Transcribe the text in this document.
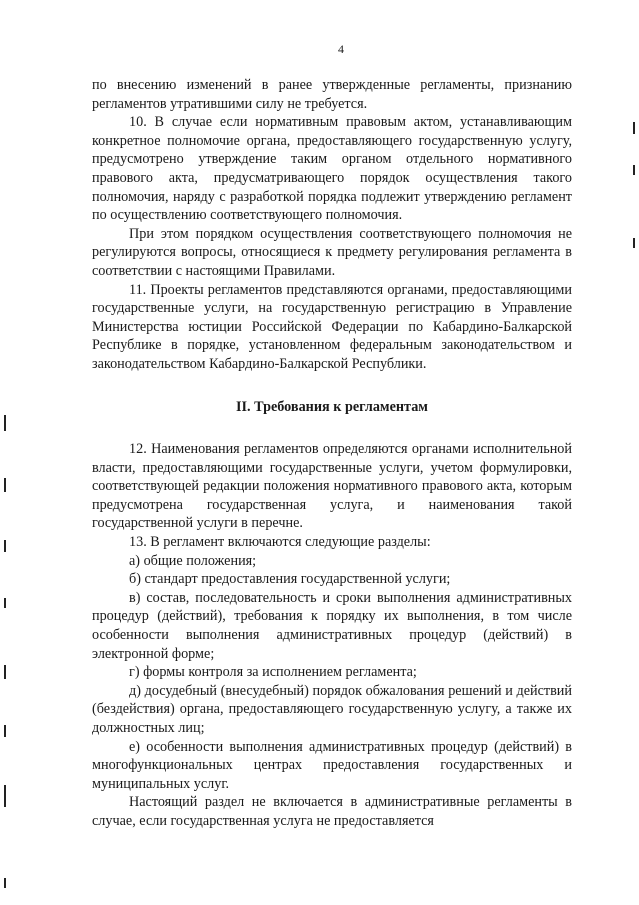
4

по внесению изменений в ранее утвержденные регламенты, признанию регламентов утратившими силу не требуется.

10. В случае если нормативным правовым актом, устанавливающим конкретное полномочие органа, предоставляющего государственную услугу, предусмотрено утверждение таким органом отдельного нормативного правового акта, предусматривающего порядок осуществления такого полномочия, наряду с разработкой порядка подлежит утверждению регламент по осуществлению соответствующего полномочия.

При этом порядком осуществления соответствующего полномочия не регулируются вопросы, относящиеся к предмету регулирования регламента в соответствии с настоящими Правилами.

11. Проекты регламентов представляются органами, предоставляющими государственные услуги, на государственную регистрацию в Управление Министерства юстиции Российской Федерации по Кабардино-Балкарской Республике в порядке, установленном федеральным законодательством и законодательством Кабардино-Балкарской Республики.

II. Требования к регламентам

12. Наименования регламентов определяются органами исполнительной власти, предоставляющими государственные услуги, учетом формулировки, соответствующей редакции положения нормативного правового акта, которым предусмотрена государственная услуга, и наименования такой государственной услуги в перечне.

13. В регламент включаются следующие разделы:

а) общие положения;

б) стандарт предоставления государственной услуги;

в) состав, последовательность и сроки выполнения административных процедур (действий), требования к порядку их выполнения, в том числе особенности выполнения административных процедур (действий) в электронной форме;

г) формы контроля за исполнением регламента;

д) досудебный (внесудебный) порядок обжалования решений и действий (бездействия) органа, предоставляющего государственную услугу, а также их должностных лиц;

е) особенности выполнения административных процедур (действий) в многофункциональных центрах предоставления государственных и муниципальных услуг.

Настоящий раздел не включается в административные регламенты в случае, если государственная услуга не предоставляется
